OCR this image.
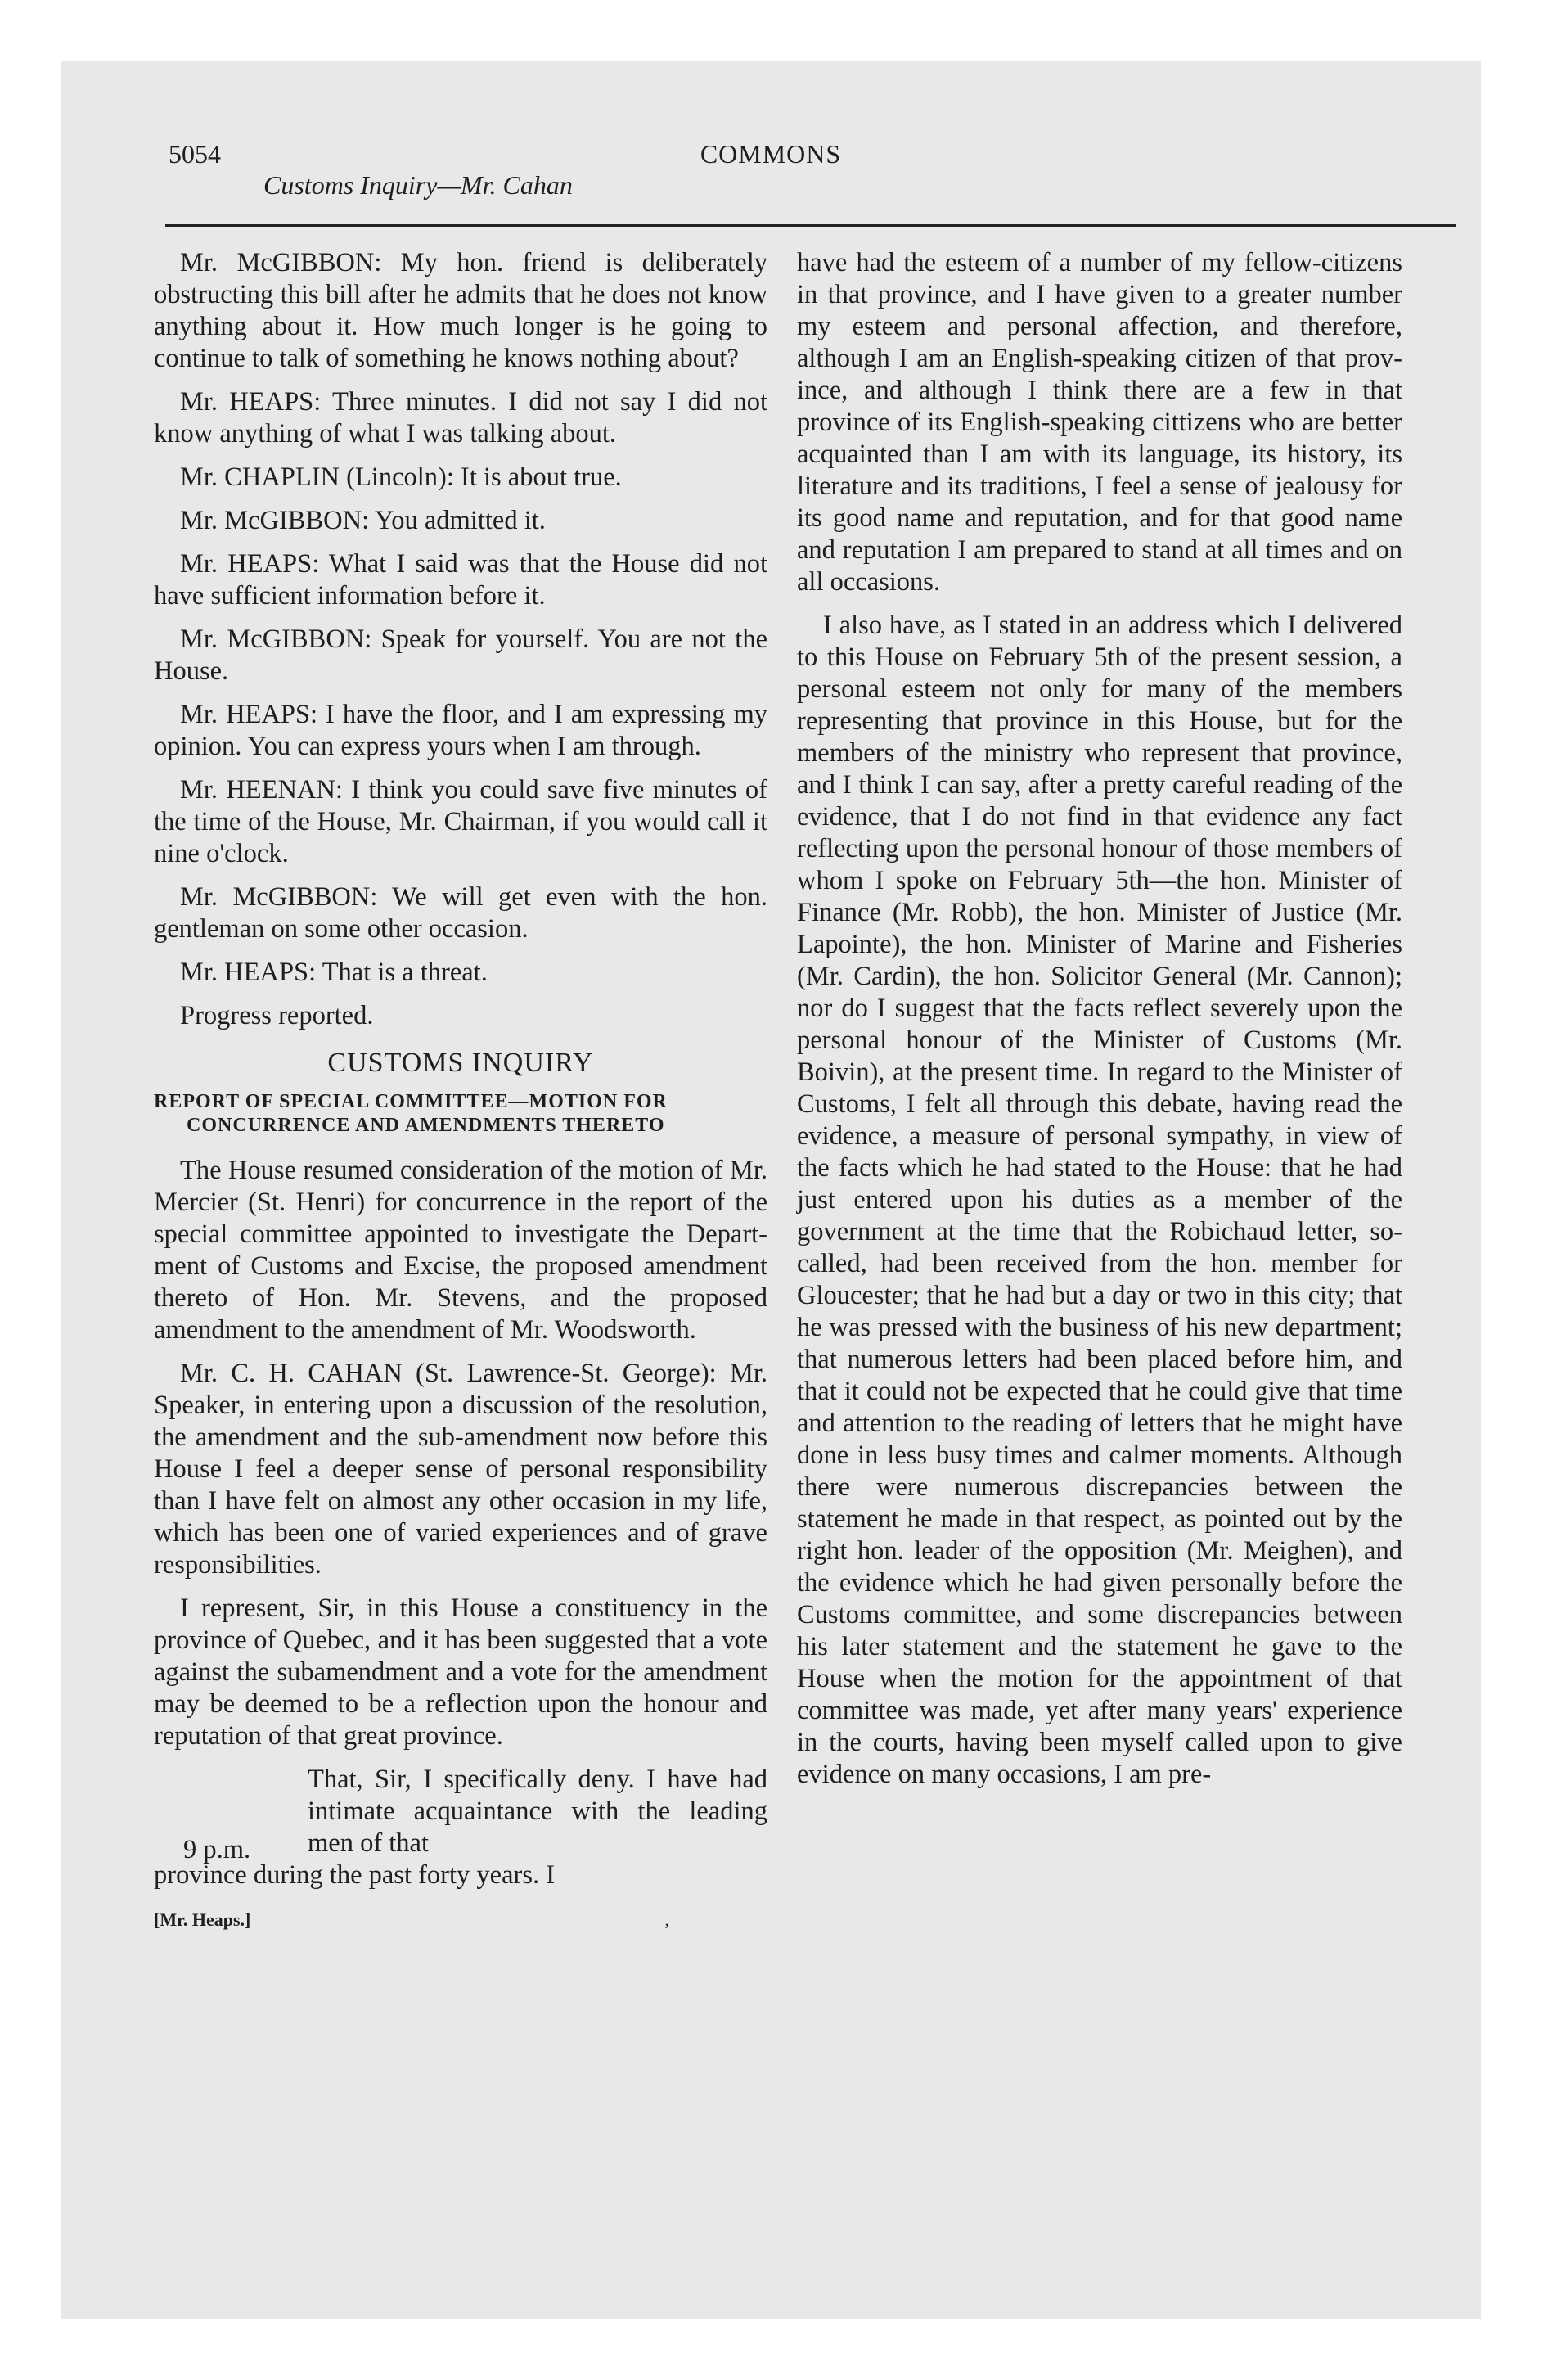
5054	COMMONS
Customs Inquiry—Mr. Cahan

Mr. McGIBBON: My hon. friend is deliberately obstructing this bill after he admits that he does not know anything about it. How much longer is he going to continue to talk of something he knows nothing about?

Mr. HEAPS: Three minutes. I did not say I did not know anything of what I was talking about.

Mr. CHAPLIN (Lincoln): It is about true.

Mr. McGIBBON: You admitted it.

Mr. HEAPS: What I said was that the House did not have sufficient information before it.

Mr. McGIBBON: Speak for yourself. You are not the House.

Mr. HEAPS: I have the floor, and I am expressing my opinion. You can express yours when I am through.

Mr. HEENAN: I think you could save five minutes of the time of the House, Mr. Chairman, if you would call it nine o'clock.

Mr. McGIBBON: We will get even with the hon. gentleman on some other occasion.

Mr. HEAPS: That is a threat.

Progress reported.

CUSTOMS INQUIRY
REPORT OF SPECIAL COMMITTEE—MOTION FOR CONCURRENCE AND AMENDMENTS THERETO

The House resumed consideration of the motion of Mr. Mercier (St. Henri) for concurrence in the report of the special committee appointed to investigate the Department of Customs and Excise, the proposed amendment thereto of Hon. Mr. Stevens, and the proposed amendment to the amendment of Mr. Woodsworth.

Mr. C. H. CAHAN (St. Lawrence-St. George): Mr. Speaker, in entering upon a discussion of the resolution, the amendment and the sub-amendment now before this House I feel a deeper sense of personal responsibility than I have felt on almost any other occasion in my life, which has been one of varied experiences and of grave responsibilities.

I represent, Sir, in this House a constituency in the province of Quebec, and it has been suggested that a vote against the subamendment and a vote for the amendment may be deemed to be a reflection upon the honour and reputation of that great province.

9 p.m.

That, Sir, I specifically deny. I have had intimate acquaintance with the leading men of that

province during the past forty years. I

[Mr. Heaps.]	,

have had the esteem of a number of my fellow-citizens in that province, and I have given to a greater number my esteem and personal affection, and therefore, although I am an English-speaking citizen of that province, and although I think there are a few in that province of its English-speaking cittizens who are better acquainted than I am with its language, its history, its literature and its traditions, I feel a sense of jealousy for its good name and reputation, and for that good name and reputation I am prepared to stand at all times and on all occasions.

I also have, as I stated in an address which I delivered to this House on February 5th of the present session, a personal esteem not only for many of the members representing that province in this House, but for the members of the ministry who represent that province, and I think I can say, after a pretty careful reading of the evidence, that I do not find in that evidence any fact reflecting upon the personal honour of those members of whom I spoke on February 5th—the hon. Minister of Finance (Mr. Robb), the hon. Minister of Justice (Mr. Lapointe), the hon. Minister of Marine and Fisheries (Mr. Cardin), the hon. Solicitor General (Mr. Cannon); nor do I suggest that the facts reflect severely upon the personal honour of the Minister of Customs (Mr. Boivin), at the present time. In regard to the Minister of Customs, I felt all through this debate, having read the evidence, a measure of personal sympathy, in view of the facts which he had stated to the House: that he had just entered upon his duties as a member of the government at the time that the Robichaud letter, socalled, had been received from the hon. member for Gloucester; that he had but a day or two in this city; that he was pressed with the business of his new department; that numerous letters had been placed before him, and that it could not be expected that he could give that time and attention to the reading of letters that he might have done in less busy times and calmer moments. Although there were numerous discrepancies between the statement he made in that respect, as pointed out by the right hon. leader of the opposition (Mr. Meighen), and the evidence which he had given personally before the Customs committee, and some discrepancies between his later statement and the statement he gave to the House when the motion for the appointment of that committee was made, yet after many years' experience in the courts, having been myself called upon to give evidence on many occasions, I am pre-
